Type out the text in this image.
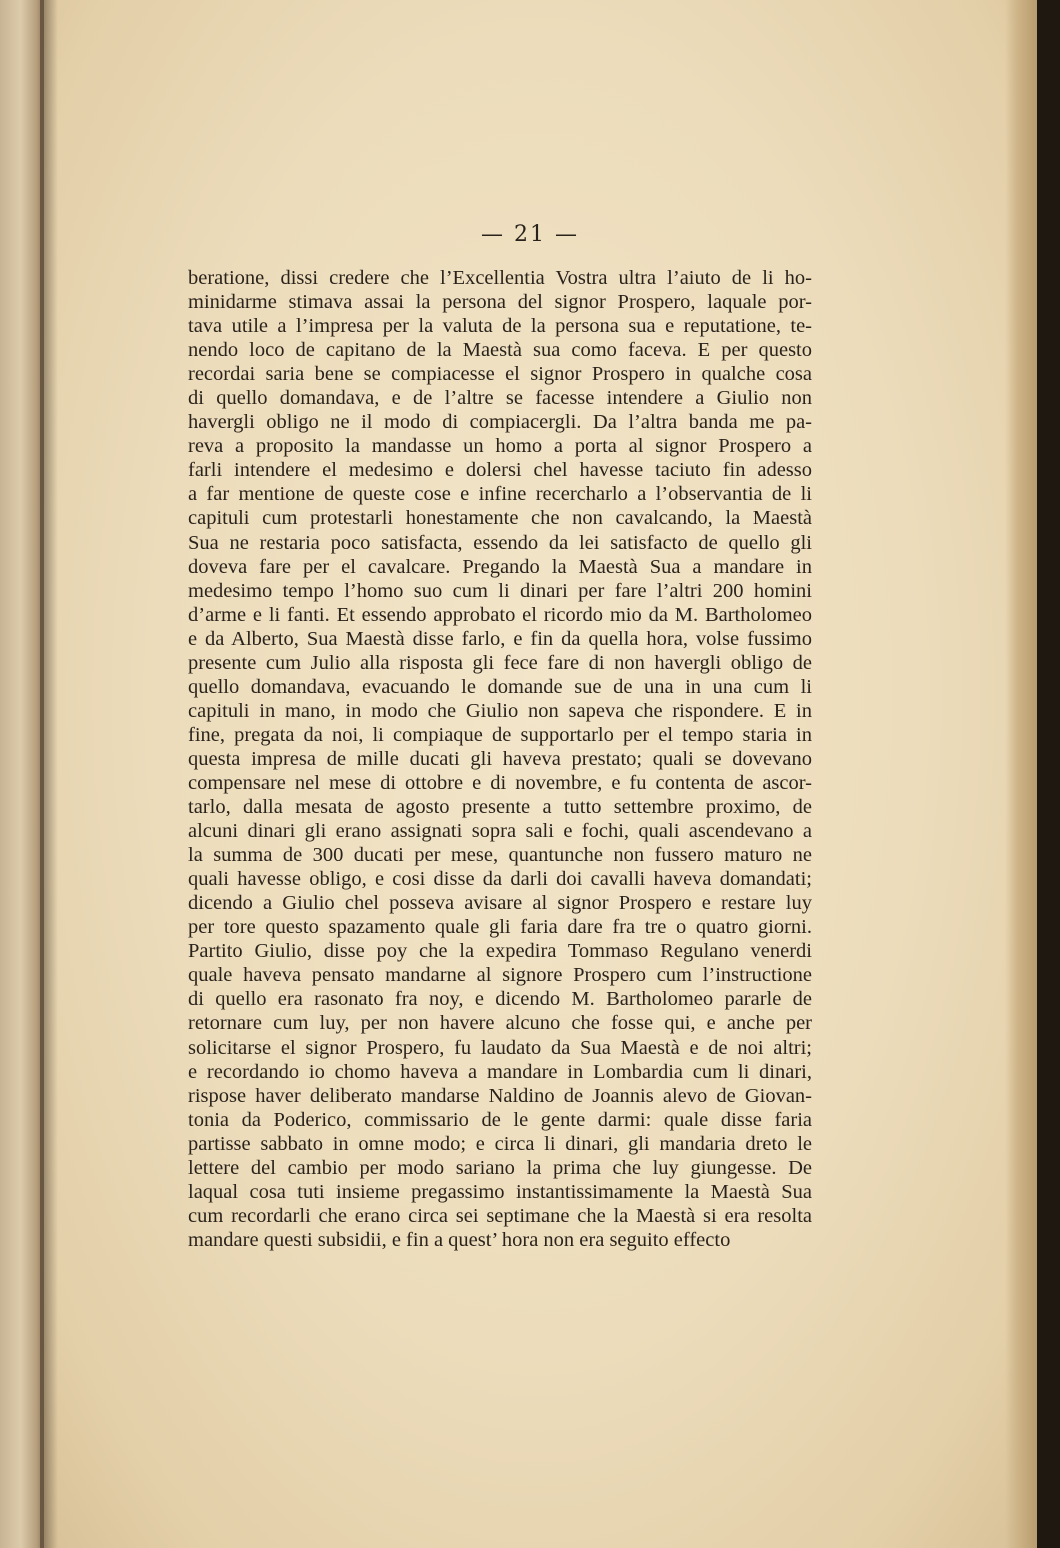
— 21 —
beratione, dissi credere che l’Excellentia Vostra ultra l’aiuto de li ho-
minidarme stimava assai la persona del signor Prospero, laquale por-
tava utile a l’impresa per la valuta de la persona sua e reputatione, te-
nendo loco de capitano de la Maestà sua como faceva. E per questo
recordai saria bene se compiacesse el signor Prospero in qualche cosa
di quello domandava, e de l’altre se facesse intendere a Giulio non
havergli obligo ne il modo di compiacergli. Da l’altra banda me pa-
reva a proposito la mandasse un homo a porta al signor Prospero a
farli intendere el medesimo e dolersi chel havesse taciuto fin adesso
a far mentione de queste cose e infine recercharlo a l’observantia de li
capituli cum protestarli honestamente che non cavalcando, la Maestà
Sua ne restaria poco satisfacta, essendo da lei satisfacto de quello gli
doveva fare per el cavalcare. Pregando la Maestà Sua a mandare in
medesimo tempo l’homo suo cum li dinari per fare l’altri 200 homini
d’arme e li fanti. Et essendo approbato el ricordo mio da M. Bartholomeo
e da Alberto, Sua Maestà disse farlo, e fin da quella hora, volse fussimo
presente cum Julio alla risposta gli fece fare di non havergli obligo de
quello domandava, evacuando le domande sue de una in una cum li
capituli in mano, in modo che Giulio non sapeva che rispondere. E in
fine, pregata da noi, li compiaque de supportarlo per el tempo staria in
questa impresa de mille ducati gli haveva prestato; quali se dovevano
compensare nel mese di ottobre e di novembre, e fu contenta de ascor-
tarlo, dalla mesata de agosto presente a tutto settembre proximo, de
alcuni dinari gli erano assignati sopra sali e fochi, quali ascendevano a
la summa de 300 ducati per mese, quantunche non fussero maturo ne
quali havesse obligo, e cosi disse da darli doi cavalli haveva domandati;
dicendo a Giulio chel posseva avisare al signor Prospero e restare luy
per tore questo spazamento quale gli faria dare fra tre o quatro giorni.
Partito Giulio, disse poy che la expedira Tommaso Regulano venerdi
quale haveva pensato mandarne al signore Prospero cum l’instructione
di quello era rasonato fra noy, e dicendo M. Bartholomeo pararle de
retornare cum luy, per non havere alcuno che fosse qui, e anche per
solicitarse el signor Prospero, fu laudato da Sua Maestà e de noi altri;
e recordando io chomo haveva a mandare in Lombardia cum li dinari,
rispose haver deliberato mandarse Naldino de Joannis alevo de Giovan-
tonia da Poderico, commissario de le gente darmi: quale disse faria
partisse sabbato in omne modo; e circa li dinari, gli mandaria dreto le
lettere del cambio per modo sariano la prima che luy giungesse. De
laqual cosa tuti insieme pregassimo instantissimamente la Maestà Sua
cum recordarli che erano circa sei septimane che la Maestà si era resolta
mandare questi subsidii, e fin a quest’ hora non era seguito effecto
